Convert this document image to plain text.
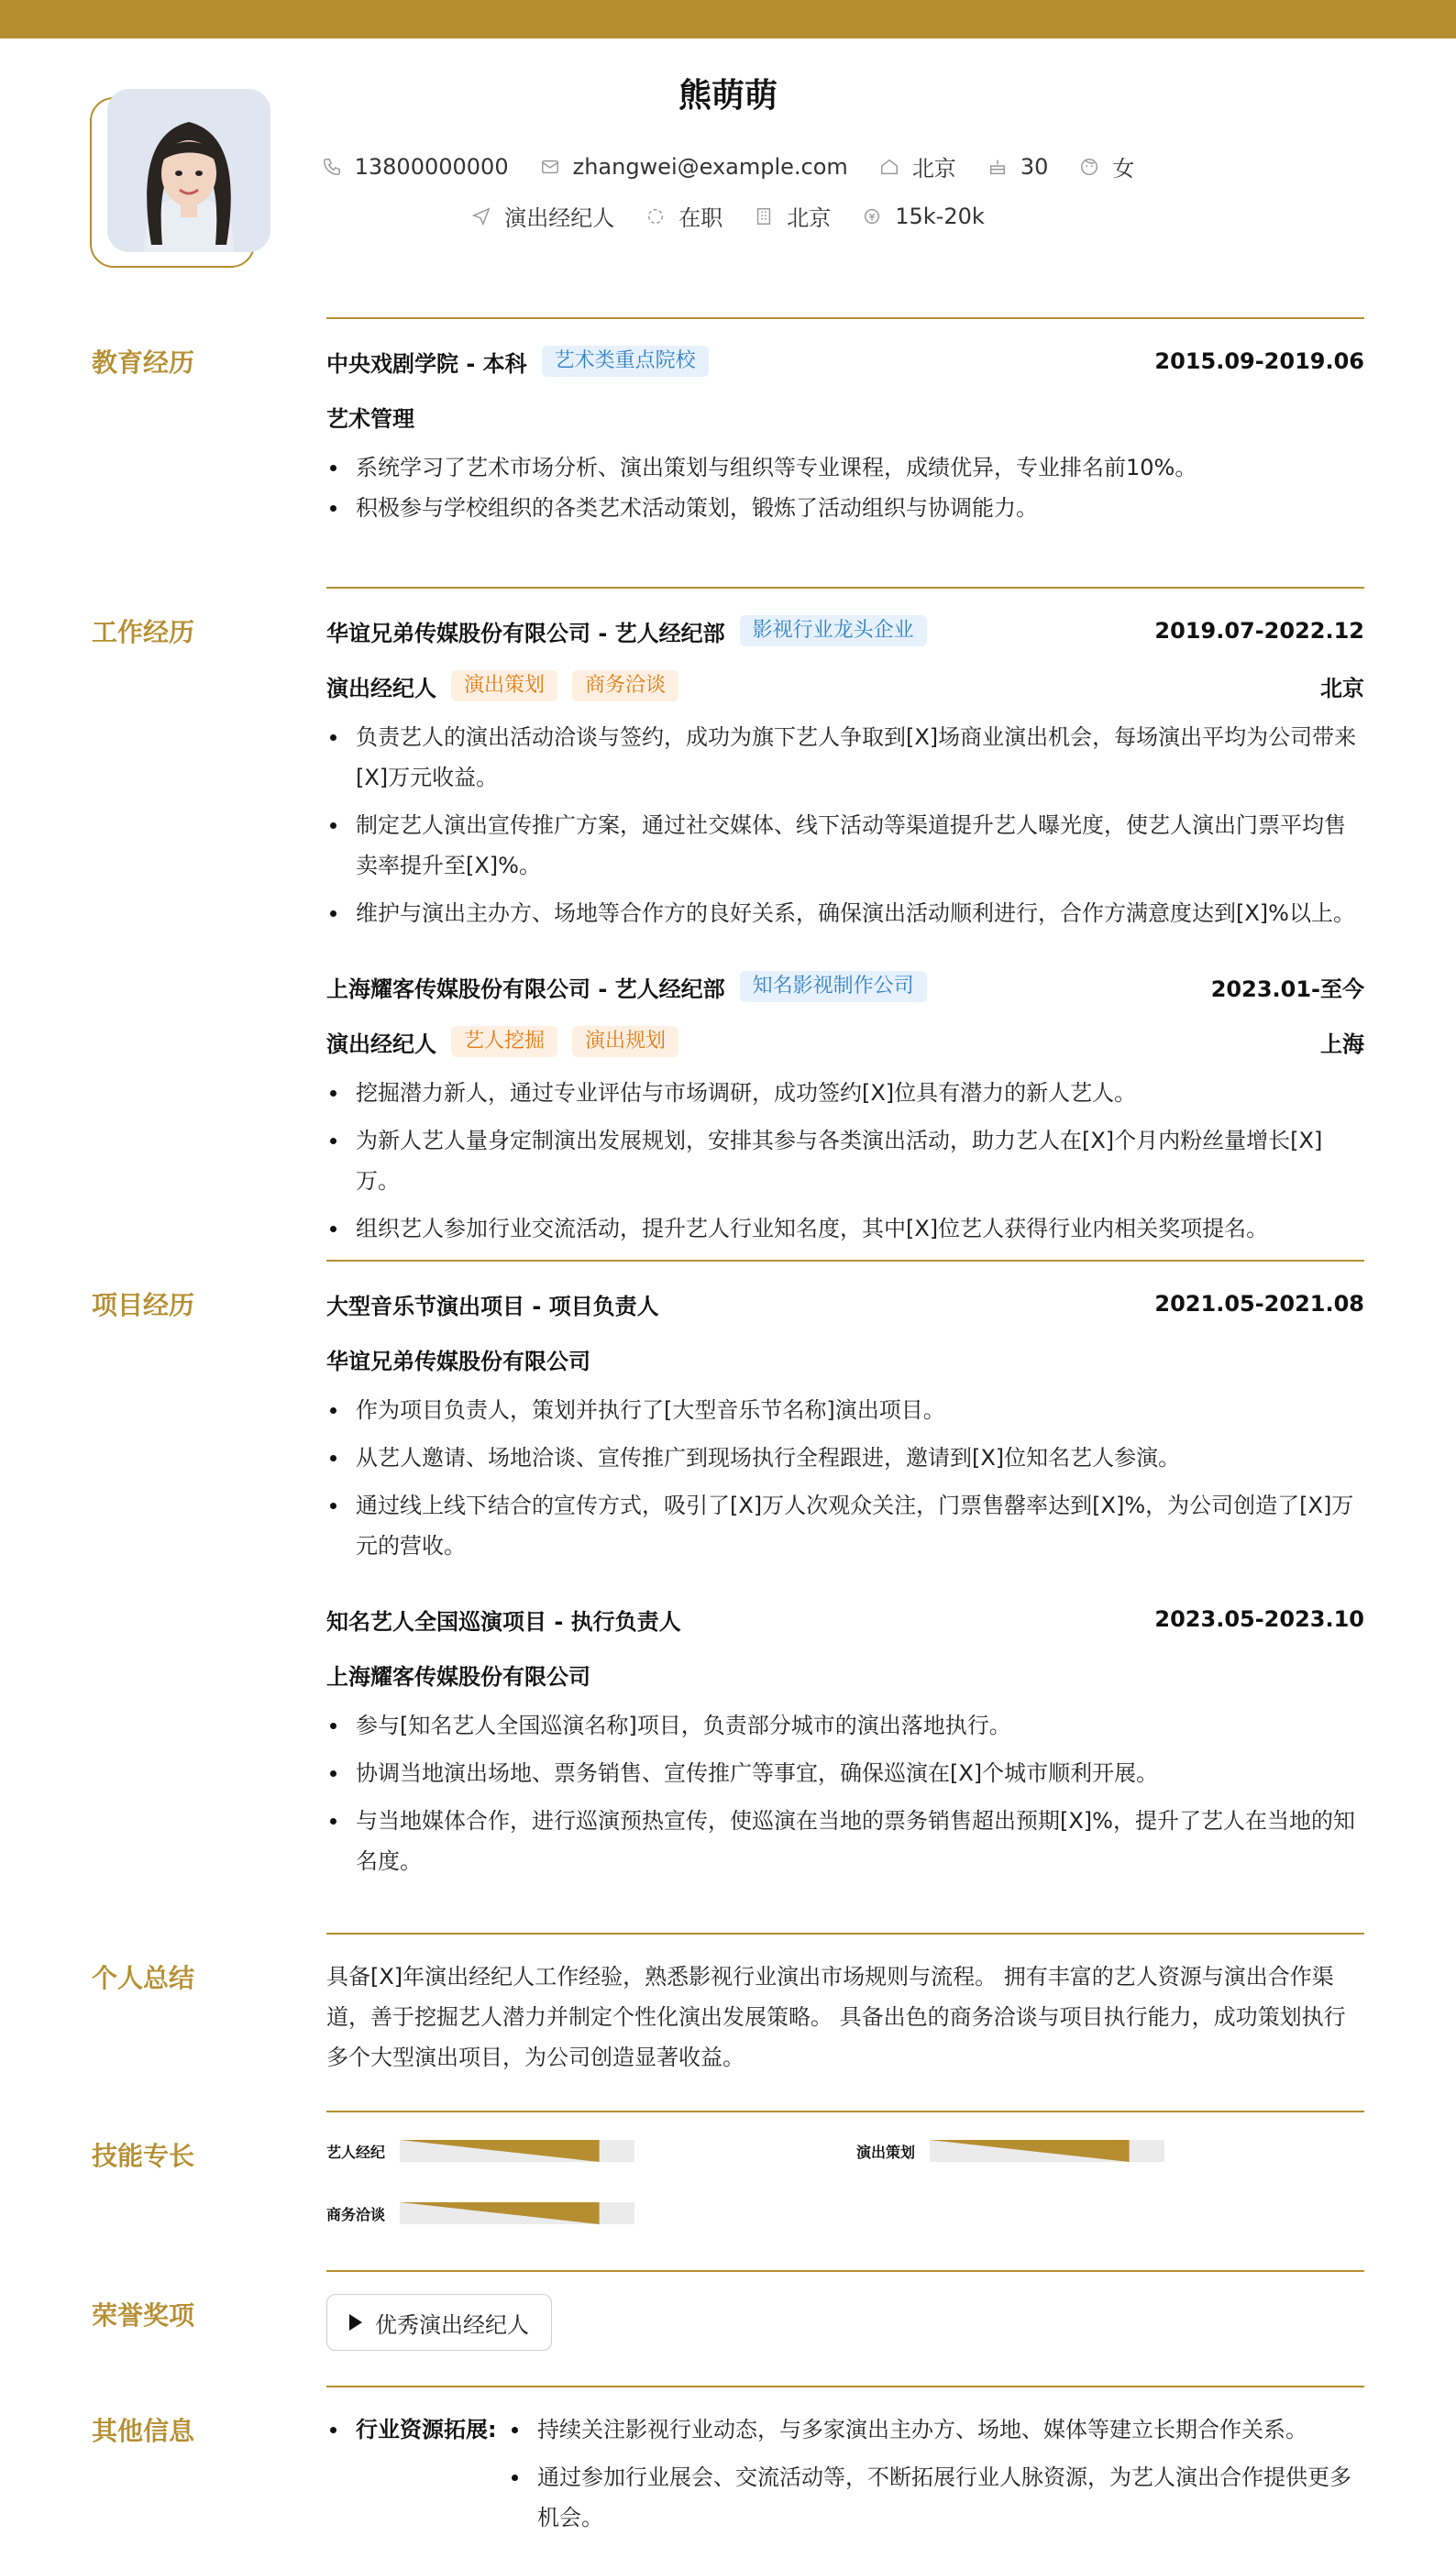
熊萌萌
13800000000	zhangwei@example.com	北京	30	女
演出经纪人	在职	北京	15k-20k
教育经历	中央戏剧学院 - 本科	艺术类重点院校	2015.09-2019.06
艺术管理
系统学习了艺术市场分析、演出策划与组织等专业课程，成绩优异，专业排名前10%。
积极参与学校组织的各类艺术活动策划，锻炼了活动组织与协调能力。
工作经历	华谊兄弟传媒股份有限公司 - 艺人经纪部	影视行业龙头企业	2019.07-2022.12
演出经纪人	演出策划	商务洽谈	北京
负责艺人的演出活动洽谈与签约，成功为旗下艺人争取到[X]场商业演出机会，每场演出平均为公司带来[X]万元收益。
制定艺人演出宣传推广方案，通过社交媒体、线下活动等渠道提升艺人曝光度，使艺人演出门票平均售卖率提升至[X]%。
维护与演出主办方、场地等合作方的良好关系，确保演出活动顺利进行，合作方满意度达到[X]%以上。
上海耀客传媒股份有限公司 - 艺人经纪部	知名影视制作公司	2023.01-至今
演出经纪人	艺人挖掘	演出规划	上海
挖掘潜力新人，通过专业评估与市场调研，成功签约[X]位具有潜力的新人艺人。
为新人艺人量身定制演出发展规划，安排其参与各类演出活动，助力艺人在[X]个月内粉丝量增长[X]万。
组织艺人参加行业交流活动，提升艺人行业知名度，其中[X]位艺人获得行业内相关奖项提名。
项目经历	大型音乐节演出项目 - 项目负责人	2021.05-2021.08
华谊兄弟传媒股份有限公司
作为项目负责人，策划并执行了[大型音乐节名称]演出项目。
从艺人邀请、场地洽谈、宣传推广到现场执行全程跟进，邀请到[X]位知名艺人参演。
通过线上线下结合的宣传方式，吸引了[X]万人次观众关注，门票售罄率达到[X]%，为公司创造了[X]万元的营收。
知名艺人全国巡演项目 - 执行负责人	2023.05-2023.10
上海耀客传媒股份有限公司
参与[知名艺人全国巡演名称]项目，负责部分城市的演出落地执行。
协调当地演出场地、票务销售、宣传推广等事宜，确保巡演在[X]个城市顺利开展。
与当地媒体合作，进行巡演预热宣传，使巡演在当地的票务销售超出预期[X]%，提升了艺人在当地的知名度。
个人总结	具备[X]年演出经纪人工作经验，熟悉影视行业演出市场规则与流程。 拥有丰富的艺人资源与演出合作渠道，善于挖掘艺人潜力并制定个性化演出发展策略。 具备出色的商务洽谈与项目执行能力，成功策划执行多个大型演出项目，为公司创造显著收益。
技能专长	艺人经纪	演出策划
商务洽谈
荣誉奖项	优秀演出经纪人
其他信息	行业资源拓展:	持续关注影视行业动态，与多家演出主办方、场地、媒体等建立长期合作关系。
通过参加行业展会、交流活动等，不断拓展行业人脉资源，为艺人演出合作提供更多机会。
